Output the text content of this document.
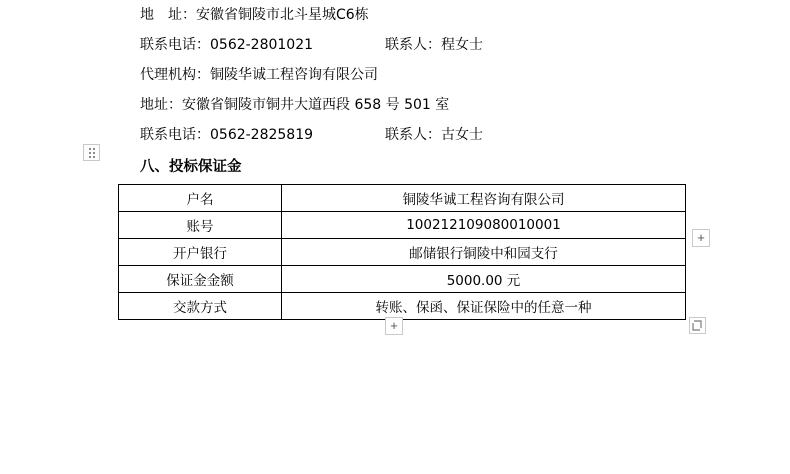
地　址： 安徽省铜陵市北斗星城C6栋
联系电话： 0562-2801021	联系人： 程女士
代理机构： 铜陵华诚工程咨询有限公司
地址： 安徽省铜陵市铜井大道西段 658 号 501 室
联系电话： 0562-2825819	联系人： 古女士
八、投标保证金
户名	铜陵华诚工程咨询有限公司
账号	100212109080010001
开户银行	邮储银行铜陵中和园支行
保证金金额	5000.00 元
交款方式	转账、保函、保证保险中的任意一种
+
+
